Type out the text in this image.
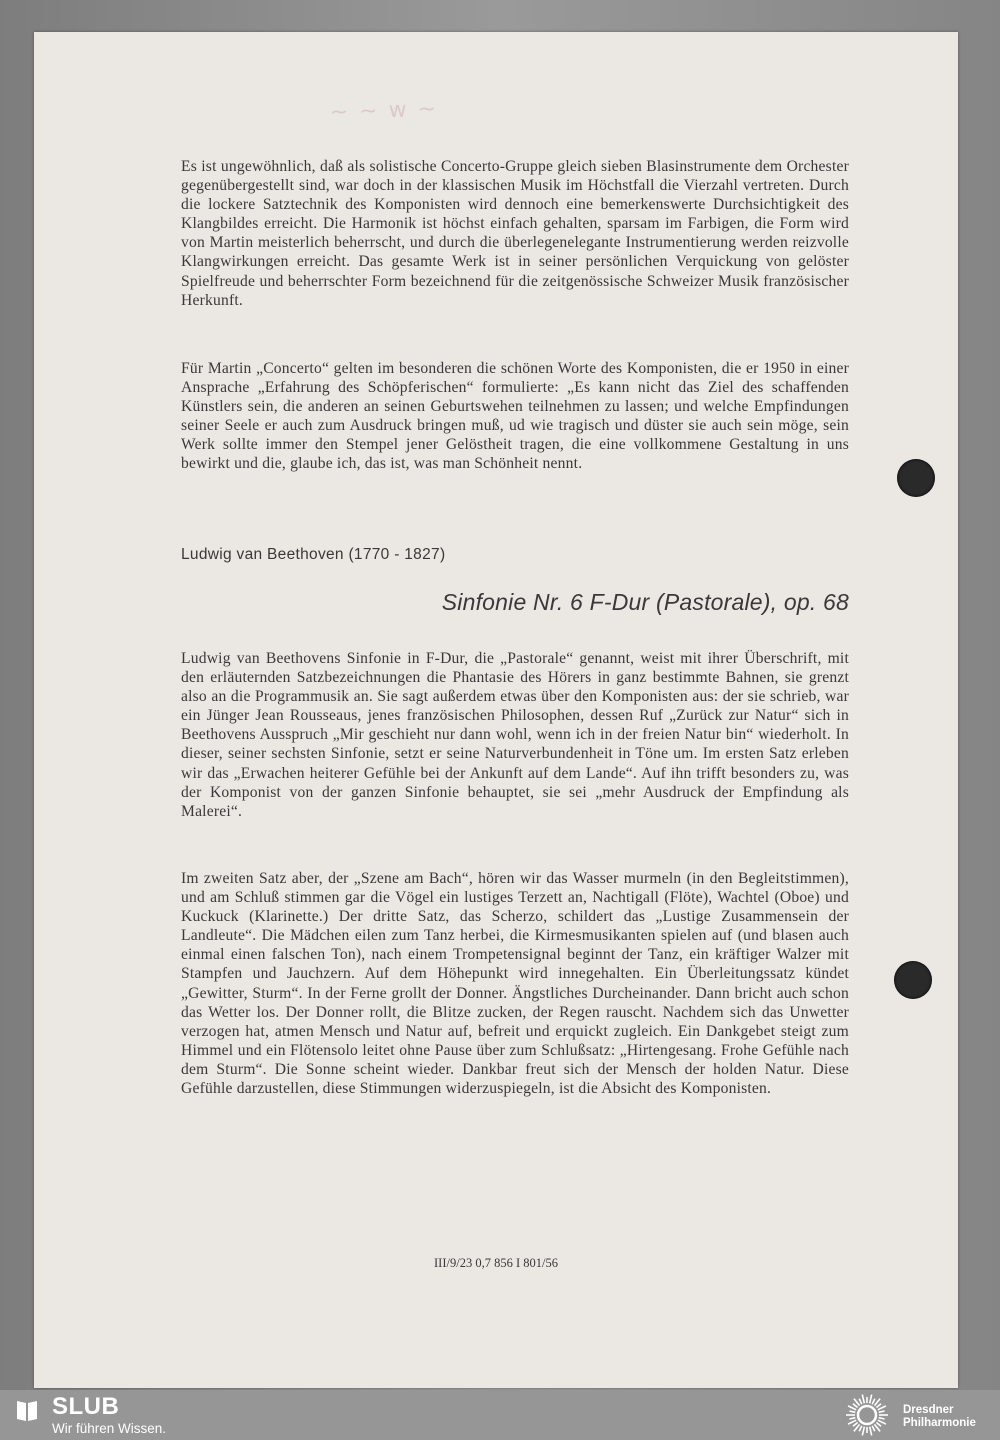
~ ~ w ~
Es ist ungewöhnlich, daß als solistische Concerto-Gruppe gleich sieben Blasinstrumente dem Orchester gegenübergestellt sind, war doch in der klassischen Musik im Höchstfall die Vierzahl vertreten. Durch die lockere Satztechnik des Komponisten wird dennoch eine bemerkenswerte Durchsichtigkeit des Klangbildes erreicht. Die Harmonik ist höchst einfach gehalten, sparsam im Farbigen, die Form wird von Martin meisterlich beherrscht, und durch die überlegenelegante Instrumentierung werden reizvolle Klangwirkungen erreicht. Das gesamte Werk ist in seiner persönlichen Verquickung von gelöster Spielfreude und beherrschter Form bezeichnend für die zeitgenössische Schweizer Musik französischer Herkunft.
Für Martin „Concerto“ gelten im besonderen die schönen Worte des Komponisten, die er 1950 in einer Ansprache „Erfahrung des Schöpferischen“ formulierte: „Es kann nicht das Ziel des schaffenden Künstlers sein, die anderen an seinen Geburtswehen teilnehmen zu lassen; und welche Empfindungen seiner Seele er auch zum Ausdruck bringen muß, ud wie tragisch und düster sie auch sein möge, sein Werk sollte immer den Stempel jener Gelöstheit tragen, die eine vollkommene Gestaltung in uns bewirkt und die, glaube ich, das ist, was man Schönheit nennt.
Ludwig van Beethoven (1770 - 1827)
Sinfonie Nr. 6 F-Dur (Pastorale), op. 68
Ludwig van Beethovens Sinfonie in F-Dur, die „Pastorale“ genannt, weist mit ihrer Überschrift, mit den erläuternden Satzbezeichnungen die Phantasie des Hörers in ganz bestimmte Bahnen, sie grenzt also an die Programmusik an. Sie sagt außerdem etwas über den Komponisten aus: der sie schrieb, war ein Jünger Jean Rousseaus, jenes französischen Philosophen, dessen Ruf „Zurück zur Natur“ sich in Beethovens Ausspruch „Mir geschieht nur dann wohl, wenn ich in der freien Natur bin“ wiederholt. In dieser, seiner sechsten Sinfonie, setzt er seine Naturverbundenheit in Töne um. Im ersten Satz erleben wir das „Erwachen heiterer Gefühle bei der Ankunft auf dem Lande“. Auf ihn trifft besonders zu, was der Komponist von der ganzen Sinfonie behauptet, sie sei „mehr Ausdruck der Empfindung als Malerei“.
Im zweiten Satz aber, der „Szene am Bach“, hören wir das Wasser murmeln (in den Begleitstimmen), und am Schluß stimmen gar die Vögel ein lustiges Terzett an, Nachtigall (Flöte), Wachtel (Oboe) und Kuckuck (Klarinette.) Der dritte Satz, das Scherzo, schildert das „Lustige Zusammensein der Landleute“. Die Mädchen eilen zum Tanz herbei, die Kirmesmusikanten spielen auf (und blasen auch einmal einen falschen Ton), nach einem Trompetensignal beginnt der Tanz, ein kräftiger Walzer mit Stampfen und Jauchzern. Auf dem Höhepunkt wird innegehalten. Ein Überleitungssatz kündet „Gewitter, Sturm“. In der Ferne grollt der Donner. Ängstliches Durcheinander. Dann bricht auch schon das Wetter los. Der Donner rollt, die Blitze zucken, der Regen rauscht. Nachdem sich das Unwetter verzogen hat, atmen Mensch und Natur auf, befreit und erquickt zugleich. Ein Dankgebet steigt zum Himmel und ein Flötensolo leitet ohne Pause über zum Schlußsatz: „Hirtengesang. Frohe Gefühle nach dem Sturm“. Die Sonne scheint wieder. Dankbar freut sich der Mensch der holden Natur. Diese Gefühle darzustellen, diese Stimmungen widerzuspiegeln, ist die Absicht des Komponisten.
III/9/23 0,7 856 I 801/56
SLUB
Wir führen Wissen.
Dresdner
Philharmonie
